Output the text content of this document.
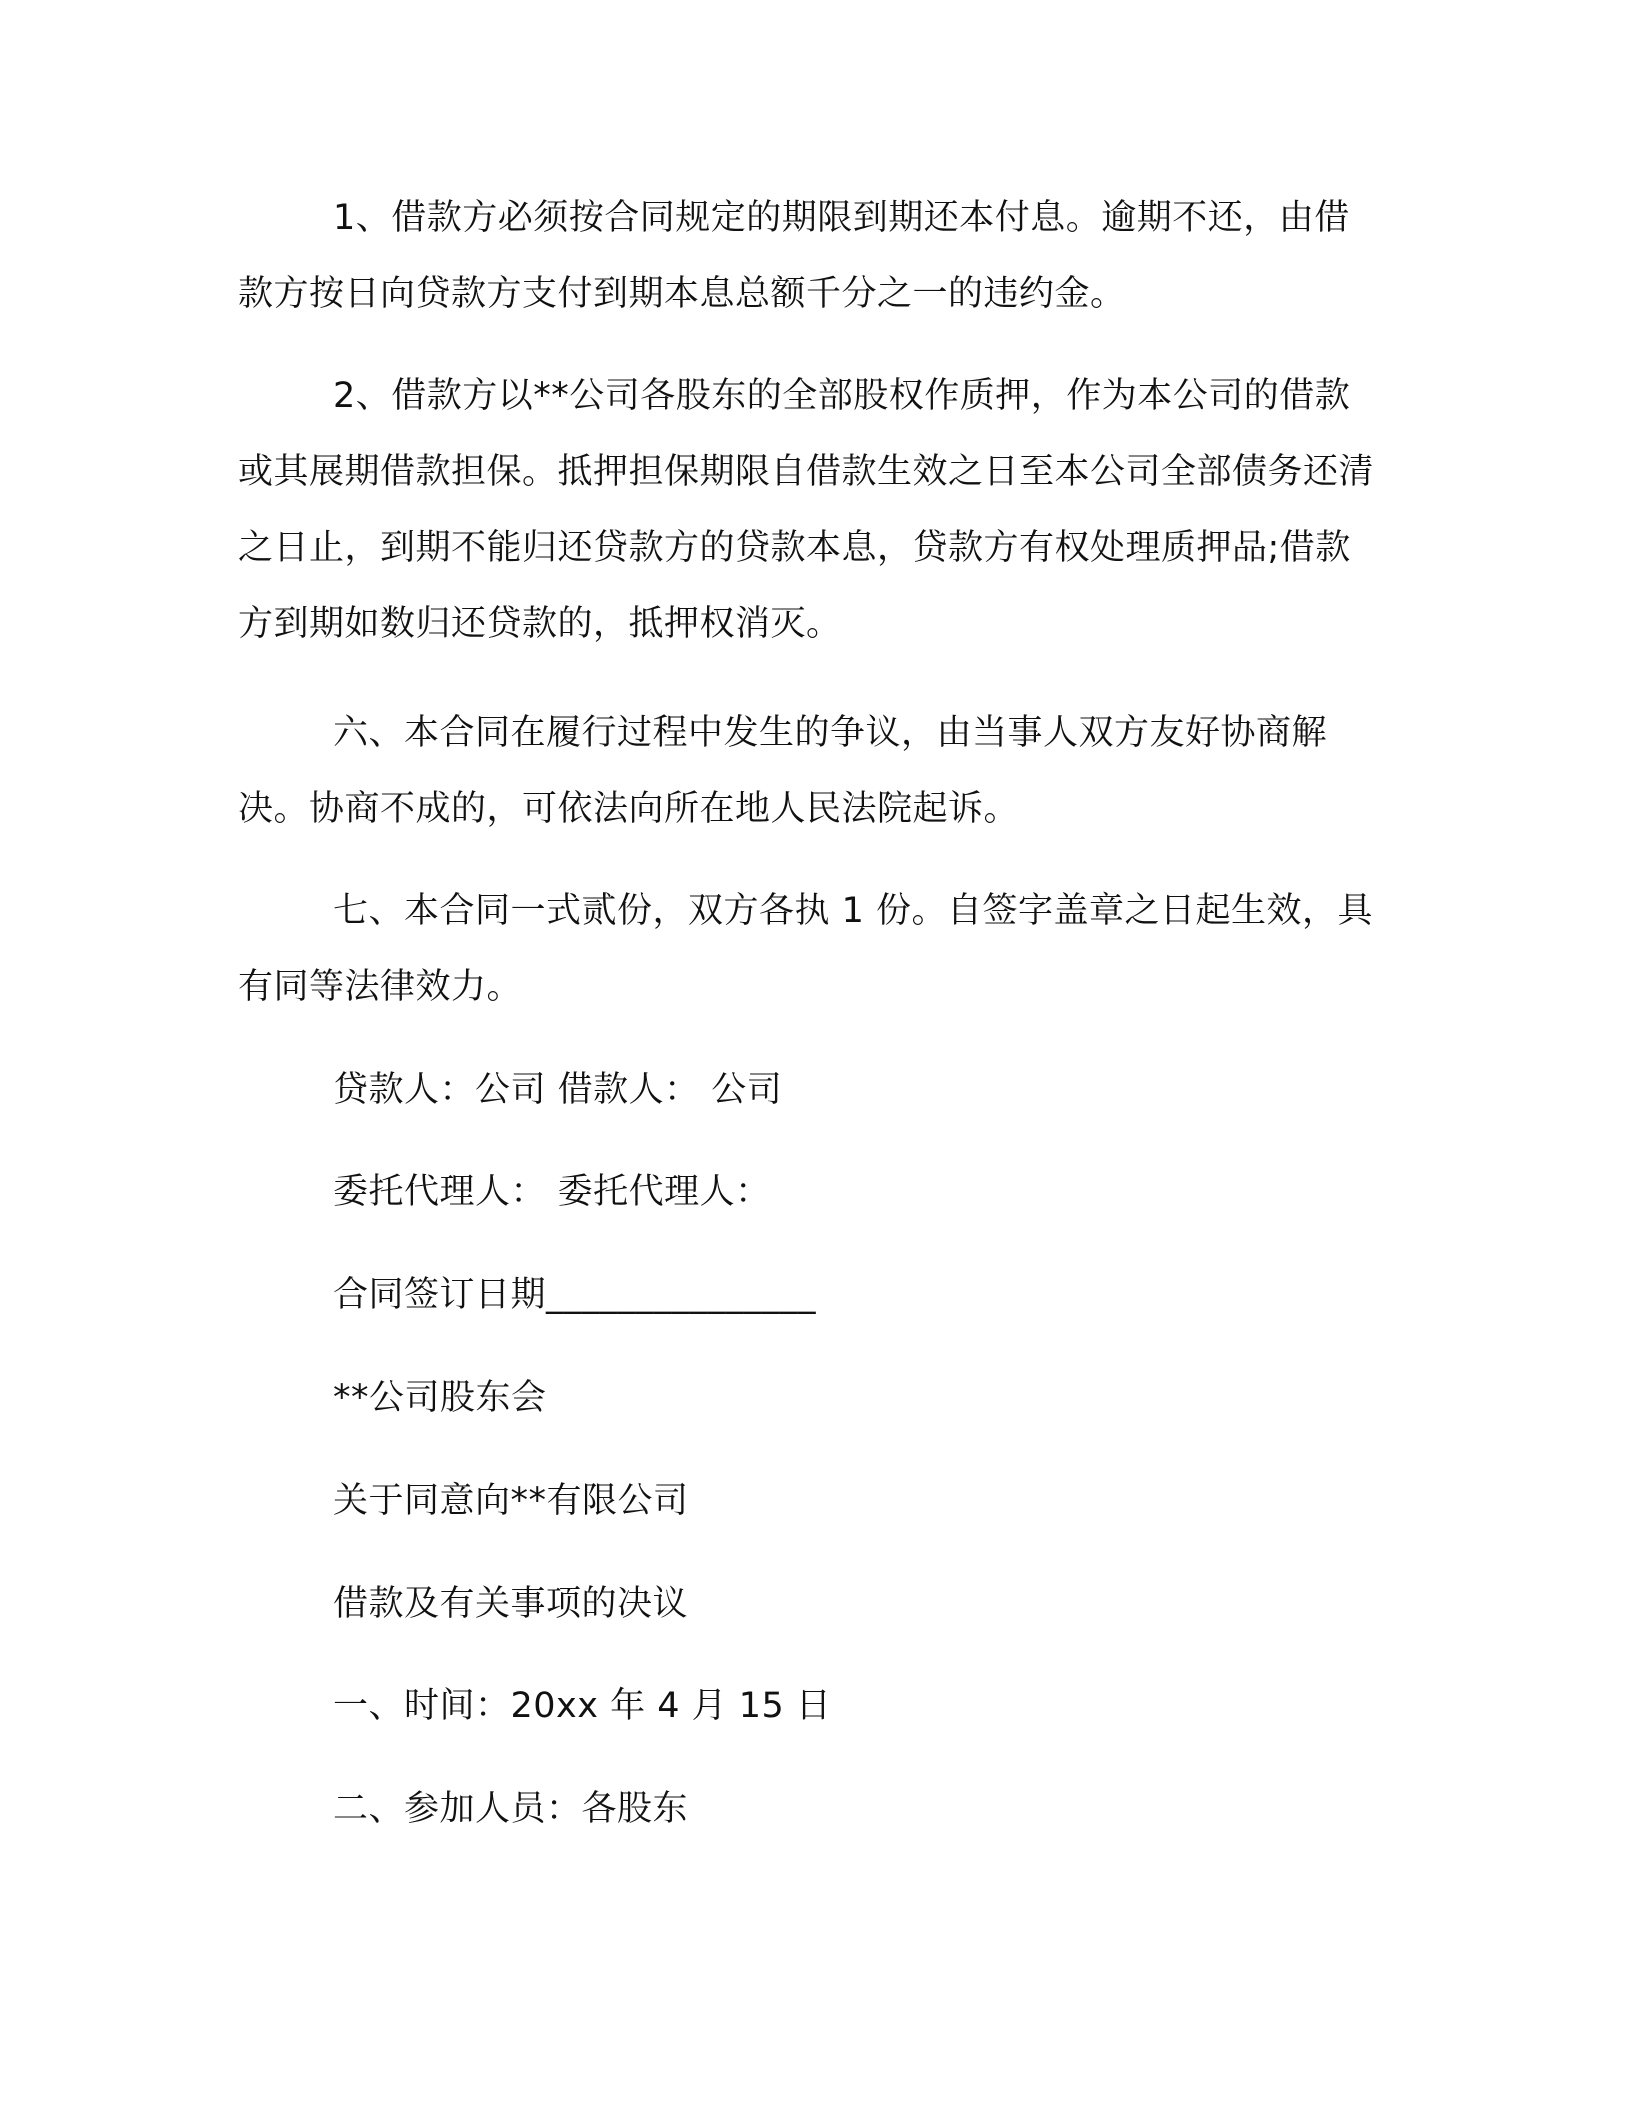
1、借款方必须按合同规定的期限到期还本付息。逾期不还，由借款方按日向贷款方支付到期本息总额千分之一的违约金。

2、借款方以**公司各股东的全部股权作质押，作为本公司的借款或其展期借款担保。抵押担保期限自借款生效之日至本公司全部债务还清之日止，到期不能归还贷款方的贷款本息，贷款方有权处理质押品;借款方到期如数归还贷款的，抵押权消灭。

六、本合同在履行过程中发生的争议，由当事人双方友好协商解决。协商不成的，可依法向所在地人民法院起诉。

七、本合同一式贰份，双方各执 1 份。自签字盖章之日起生效，具有同等法律效力。

贷款人：公司 借款人： 公司

委托代理人： 委托代理人：

合同签订日期_______________

**公司股东会

关于同意向**有限公司

借款及有关事项的决议

一、时间：20xx 年 4 月 15 日

二、参加人员：各股东
